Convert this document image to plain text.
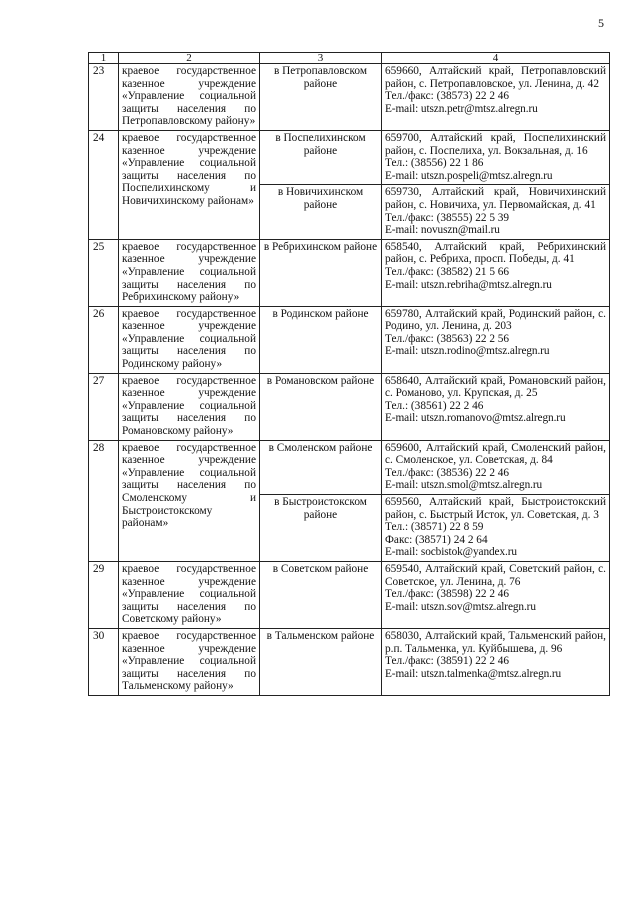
5
1	2	3	4
23	краевое государственное казенное учреждение «Управление социальной защиты населения по Петропавловскому району»	в Петропавловском районе	659660, Алтайский край, Петропавловский район, с. Петропавловское, ул. Ленина, д. 42
Тел./факс: (38573) 22 2 46
E-mail: utszn.petr@mtsz.alregn.ru

24	краевое государственное казенное учреждение «Управление социальной защиты населения по Поспелихинскому и Новичихинскому районам»	в Поспелихинском районе	659700, Алтайский край, Поспелихинский район, с. Поспелиха, ул. Вокзальная, д. 16
Тел.: (38556) 22 1 86
E-mail: utszn.pospeli@mtsz.alregn.ru

		в Новичихинском районе	659730, Алтайский край, Новичихинский район, с. Новичиха, ул. Первомайская, д. 41
Тел./факс: (38555) 22 5 39
E-mail: novuszn@mail.ru

25	краевое государственное казенное учреждение «Управление социальной защиты населения по Ребрихинскому району»	в Ребрихинском районе	658540, Алтайский край, Ребрихинский район, с. Ребриха, просп. Победы, д. 41
Тел./факс: (38582) 21 5 66
E-mail: utszn.rebriha@mtsz.alregn.ru

26	краевое государственное казенное учреждение «Управление социальной защиты населения по Родинскому району»	в Родинском районе	659780, Алтайский край, Родинский район, с. Родино, ул. Ленина, д. 203
Тел./факс: (38563) 22 2 56
E-mail: utszn.rodino@mtsz.alregn.ru

27	краевое государственное казенное учреждение «Управление социальной защиты населения по Романовскому району»	в Романовском районе	658640, Алтайский край, Романовский район, с. Романово, ул. Крупская, д. 25
Тел.: (38561) 22 2 46
E-mail: utszn.romanovo@mtsz.alregn.ru

28	краевое государственное казенное учреждение «Управление социальной защиты населения по Смоленскому и Быстроистокскому районам»	в Смоленском районе	659600, Алтайский край, Смоленский район, с. Смоленское, ул. Советская, д. 84
Тел./факс: (38536) 22 2 46
E-mail: utszn.smol@mtsz.alregn.ru

		в Быстроистокском районе	659560, Алтайский край, Быстроистокский район, с. Быстрый Исток, ул. Советская, д. 3
Тел.: (38571) 22 8 59
Факс: (38571) 24 2 64
E-mail: socbistok@yandex.ru

29	краевое государственное казенное учреждение «Управление социальной защиты населения по Советскому району»	в Советском районе	659540, Алтайский край, Советский район, с. Советское, ул. Ленина, д. 76
Тел./факс: (38598) 22 2 46
E-mail: utszn.sov@mtsz.alregn.ru

30	краевое государственное казенное учреждение «Управление социальной защиты населения по Тальменскому району»	в Тальменском районе	658030, Алтайский край, Тальменский район, р.п. Тальменка, ул. Куйбышева, д. 96
Тел./факс: (38591) 22 2 46
E-mail: utszn.talmenka@mtsz.alregn.ru
